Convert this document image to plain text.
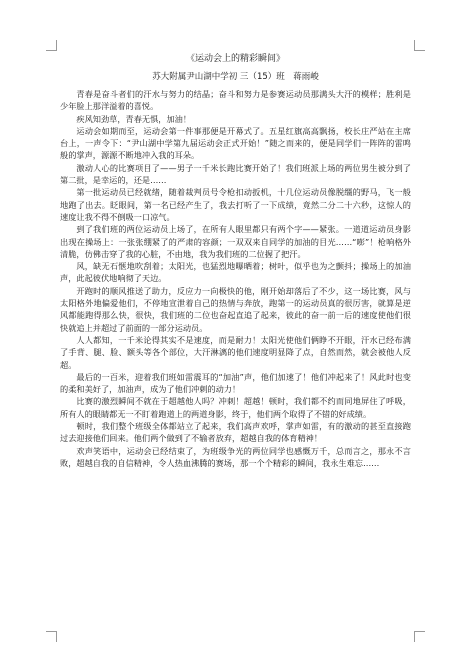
《运动会上的精彩瞬间》
苏大附属尹山湖中学初 三（15）班　蒋雨峻

青春是奋斗者们的汗水与努力的结晶；奋斗和努力是参赛运动员那满头大汗的模样；胜利是少年脸上那洋溢着的喜悦。

疾风知劲草，青春无惧，加油！

运动会如期而至，运动会第一件事那便是开幕式了。五星红旗高高飘扬，校长庄严站在主席台上，一声令下：“尹山湖中学第九届运动会正式开始！”随之而来的，便是同学们一阵阵的雷鸣般的掌声，源源不断地冲入我的耳朵。

激动人心的比赛项目了——男子一千米长跑比赛开始了！我们班派上场的两位男生被分到了第二批，是幸运的，还是……

第一批运动员已经就绪，随着裁判员号令枪扣动扳机，十几位运动员像脱缰的野马，飞一般地跑了出去。眨眼间，第一名已经产生了，我去打听了一下成绩，竟然二分二十六秒，这惊人的速度让我不得不倒吸一口凉气。

到了我们班的两位运动员上场了，在所有人眼里都只有两个字——紧张。一道道运动员身影出现在操场上：一张张绷紧了的严肃的容颜；一双双来自同学的加油的目光……“嘭”！枪响格外清脆，仿佛击穿了我的心脏，不由地，我为我们班的二位握了把汗。

风，缺无石惬地吹刮着；太阳光，也猛烈地曝晒着；树叶，似乎也为之颤抖；操场上的加油声，此起彼伏地响彻了天边。

开跑时的顺风推送了助力，反应力一向极快的他，刚开始却落后了不少，这一场比赛，风与太阳格外地偏爱他们，不停地宣泄着自己的热情与奔放，跑第一的运动员真的很厉害，就算是逆风都能跑得那么快，很快，我们班的二位也奋起直追了起来，彼此的奋一前一后的速度使他们很快就追上并超过了前面的一部分运动员。

人人都知，一千米论得其实不是速度，而是耐力！太阳光使他们俩睁不开眼，汗水已经布满了手背、腿、脸、额头等各个部位，大汗淋漓的他们速度明显降了点，自然而然，就会被他人反超。

最后的一百米，迎着我们班如雷震耳的“加油”声，他们加速了！他们冲起来了！风此时也变的柔和美好了，加油声，成为了他们冲刺的动力！

比赛的激烈瞬间不就在于超越他人吗？冲刺！超越！顿时，我们都不约而同地屏住了呼吸，所有人的眼睛都无一不盯着跑道上的两道身影，终于，他们两个取得了不错的好成绩。

顿时，我们整个班级全体都站立了起来，我们高声欢呼，掌声如雷，有的激动的甚至直接跑过去迎接他们回来。他们两个做到了不输者放弃，超越自我的体育精神！

欢声笑语中，运动会已经结束了，为班级争光的两位同学也感慨万千，总而言之，那永不言败，超越自我的自信精神，令人热血沸腾的赛场，那一个个精彩的瞬间，我永生难忘……
